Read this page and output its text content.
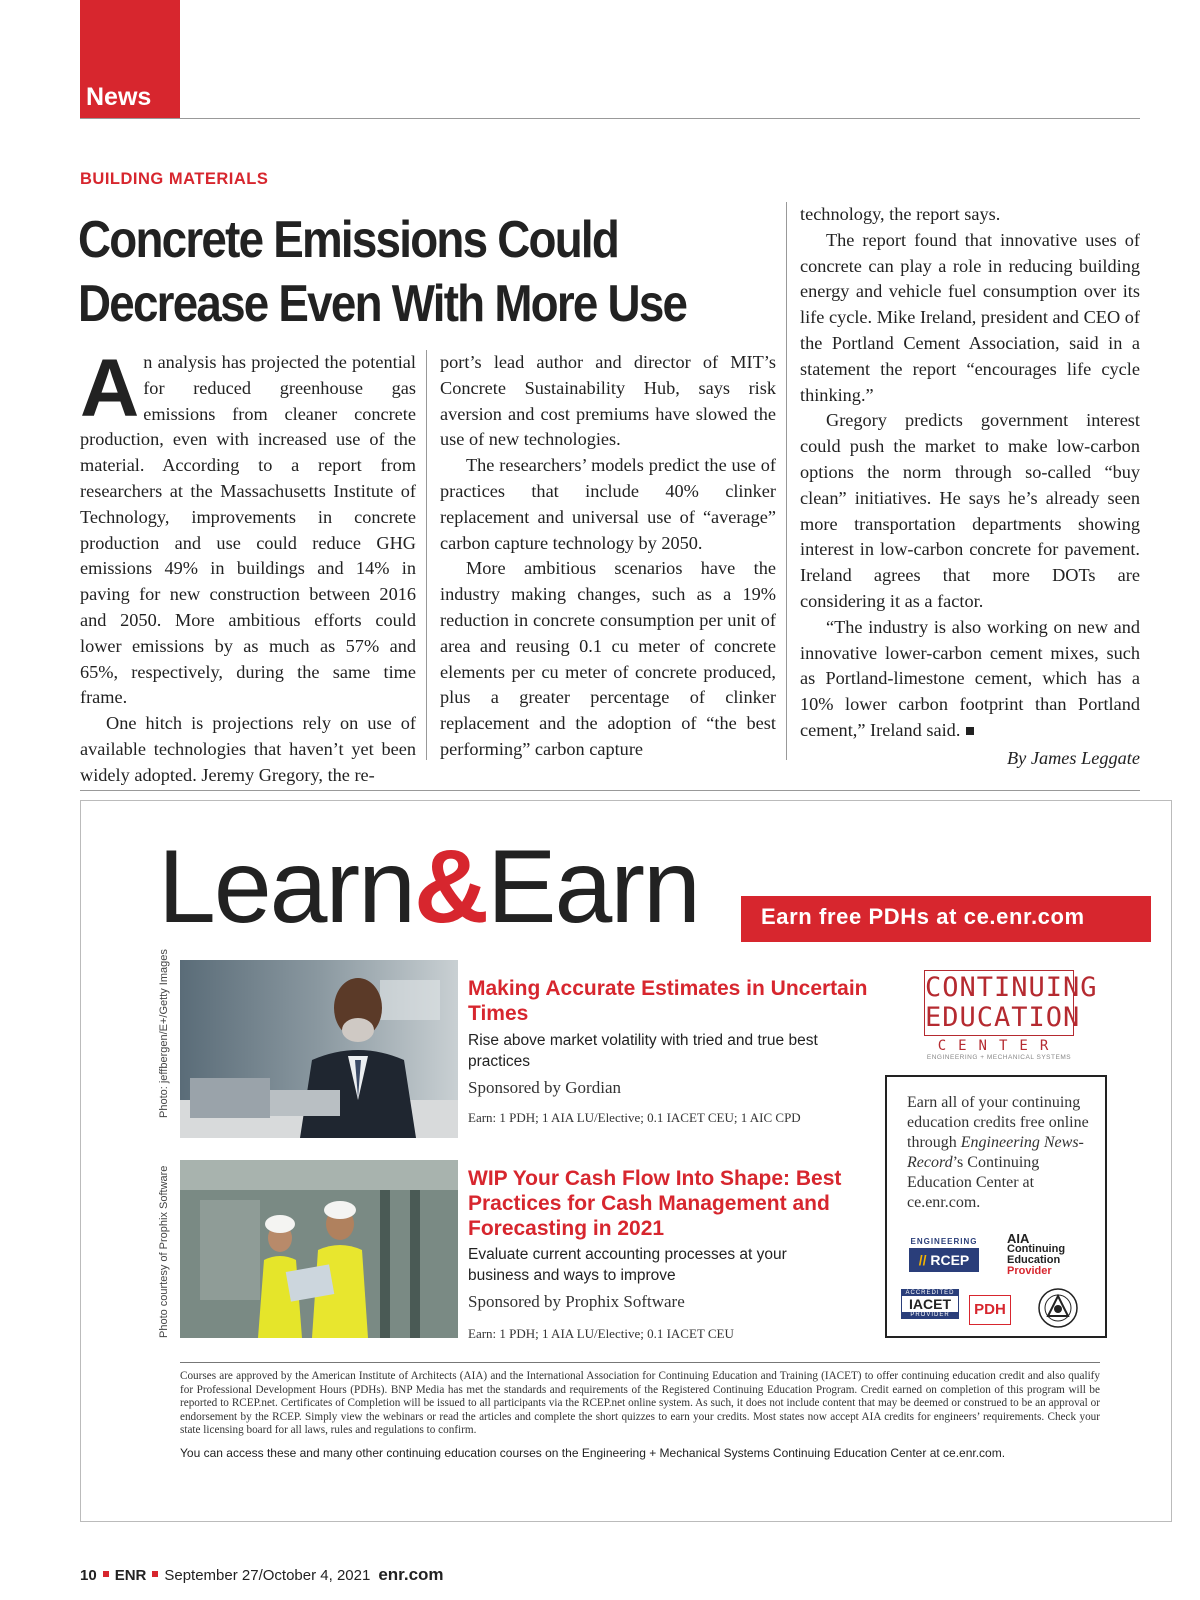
News
BUILDING MATERIALS
Concrete Emissions Could
Decrease Even With More Use

An analysis has projected the potential for reduced greenhouse gas emissions from cleaner concrete production, even with increased use of the material. According to a report from researchers at the Massachusetts Institute of Technology, improvements in concrete production and use could reduce GHG emissions 49% in buildings and 14% in paving for new construction between 2016 and 2050. More ambitious efforts could lower emissions by as much as 57% and 65%, respectively, during the same time frame.

One hitch is projections rely on use of available technologies that haven’t yet been widely adopted. Jeremy Gregory, the re-

port’s lead author and director of MIT’s Concrete Sustainability Hub, says risk aversion and cost premiums have slowed the use of new technologies.

The researchers’ models predict the use of practices that include 40% clinker replacement and universal use of “average” carbon capture technology by 2050.

More ambitious scenarios have the industry making changes, such as a 19% reduction in concrete consumption per unit of area and reusing 0.1 cu meter of concrete elements per cu meter of concrete produced, plus a greater percentage of clinker replacement and the adoption of “the best performing” carbon capture

technology, the report says.

The report found that innovative uses of concrete can play a role in reducing building energy and vehicle fuel consumption over its life cycle. Mike Ireland, president and CEO of the Portland Cement Association, said in a statement the report “encourages life cycle thinking.”

Gregory predicts government interest could push the market to make low-carbon options the norm through so-called “buy clean” initiatives. He says he’s already seen more transportation departments showing interest in low-carbon concrete for pavement. Ireland agrees that more DOTs are considering it as a factor.

“The industry is also working on new and innovative lower-carbon cement mixes, such as Portland-limestone cement, which has a 10% lower carbon footprint than Portland cement,” Ireland said.

By James Leggate
Learn&Earn	Earn free PDHs at ce.enr.com
Photo: jeffbergen/E+/Getty Images	Making Accurate Estimates in Uncertain Times
Rise above market volatility with tried and true best practices
Sponsored by Gordian
Earn: 1 PDH; 1 AIA LU/Elective; 0.1 IACET CEU; 1 AIC CPD
Photo courtesy of Prophix Software	WIP Your Cash Flow Into Shape: Best Practices for Cash Management and Forecasting in 2021
Evaluate current accounting processes at your business and ways to improve
Sponsored by Prophix Software
Earn: 1 PDH; 1 AIA LU/Elective; 0.1 IACET CEU
CONTINUING
EDUCATION
CENTER
ENGINEERING + MECHANICAL SYSTEMS
Earn all of your continuing education credits free online through Engineering News-Record’s Continuing Education Center at ce.enr.com.
ENGINEERING
// RCEP
AIA
Continuing
Education
Provider
ACCREDITED
IACET
PROVIDER	PDH
Courses are approved by the American Institute of Architects (AIA) and the International Association for Continuing Education and Training (IACET) to offer continuing education credit and also qualify for Professional Development Hours (PDHs). BNP Media has met the standards and requirements of the Registered Continuing Education Program. Credit earned on completion of this program will be reported to RCEP.net. Certificates of Completion will be issued to all participants via the RCEP.net online system. As such, it does not include content that may be deemed or construed to be an approval or endorsement by the RCEP. Simply view the webinars or read the articles and complete the short quizzes to earn your credits. Most states now accept AIA credits for engineers’ requirements. Check your state licensing board for all laws, rules and regulations to confirm.
You can access these and many other continuing education courses on the Engineering + Mechanical Systems Continuing Education Center at ce.enr.com.
10 ENR September 27/October 4, 2021 enr.com
